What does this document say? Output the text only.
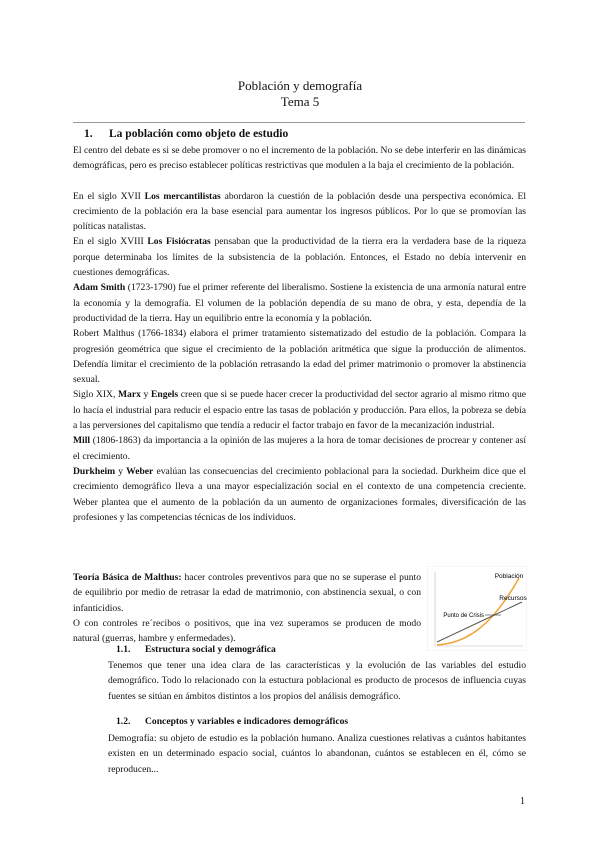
Población y demografía
Tema 5
1. La población como objeto de estudio

El centro del debate es si se debe promover o no el incremento de la población. No se debe interferir en las dinámicas demográficas, pero es preciso establecer políticas restrictivas que modulen a la baja el crecimiento de la población.

En el siglo XVII Los mercantilistas abordaron la cuestión de la población desde una perspectiva económica. El crecimiento de la población era la base esencial para aumentar los ingresos públicos. Por lo que se promovían las políticas natalistas.

En el siglo XVIII Los Fisiócratas pensaban que la productividad de la tierra era la verdadera base de la riqueza porque determinaba los límites de la subsistencia de la población. Entonces, el Estado no debía intervenir en cuestiones demográficas.

Adam Smith (1723-1790) fue el primer referente del liberalismo. Sostiene la existencia de una armonía natural entre la economía y la demografía. El volumen de la población dependía de su mano de obra, y esta, dependía de la productividad de la tierra. Hay un equilibrio entre la economía y la población.

Robert Malthus (1766-1834) elabora el primer tratamiento sistematizado del estudio de la población. Compara la progresión geométrica que sigue el crecimiento de la población aritmética que sigue la producción de alimentos. Defendía limitar el crecimiento de la población retrasando la edad del primer matrimonio o promover la abstinencia sexual.

Siglo XIX, Marx y Engels creen que si se puede hacer crecer la productividad del sector agrario al mismo ritmo que lo hacía el industrial para reducir el espacio entre las tasas de población y producción. Para ellos, la pobreza se debía a las perversiones del capitalismo que tendía a reducir el factor trabajo en favor de la mecanización industrial.

Mill (1806-1863) da importancia a la opinión de las mujeres a la hora de tomar decisiones de procrear y contener así el crecimiento.

Durkheim y Weber evalúan las consecuencias del crecimiento poblacional para la sociedad. Durkheim dice que el crecimiento demográfico lleva a una mayor especialización social en el contexto de una competencia creciente. Weber plantea que el aumento de la población da un aumento de organizaciones formales, diversificación de las profesiones y las competencias técnicas de los individuos.

Teoría Básica de Malthus: hacer controles preventivos para que no se superase el punto de equilibrio por medio de retrasar la edad de matrimonio, con abstinencia sexual, o con infanticidios.

O con controles re´recibos o positivos, que ina vez superamos se producen de modo natural (guerras, hambre y enfermedades).

Población
Recursos
Punto de Crisis
1.1. Estructura social y demográfica
Tenemos que tener una idea clara de las características y la evolución de las variables del estudio demográfico. Todo lo relacionado con la estuctura poblacional es producto de procesos de influencia cuyas fuentes se sitúan en ámbitos distintos a los propios del análisis demográfico.
1.2. Conceptos y variables e indicadores demográficos
Demografía: su objeto de estudio es la población humano. Analiza cuestiones relativas a cuántos habitantes existen en un determinado espacio social, cuántos lo abandonan, cuántos se establecen en él, cómo se reproducen...
1
